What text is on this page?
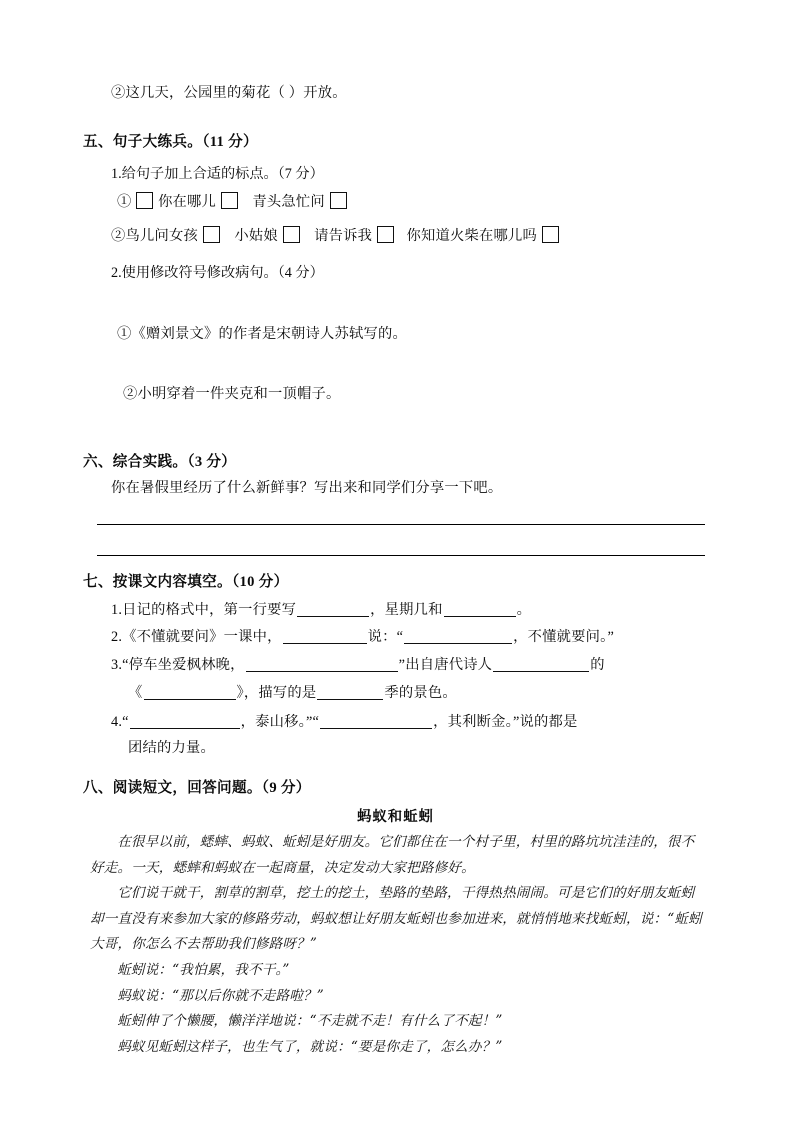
②这几天，公园里的菊花（ ）开放。
五、句子大练兵。（11 分）
1.给句子加上合适的标点。（7 分）
① 你在哪儿	青头急忙问
②鸟儿问女孩	小姑娘	请告诉我 你知道火柴在哪儿吗
2.使用修改符号修改病句。（4 分）
①《赠刘景文》的作者是宋朝诗人苏轼写的。
②小明穿着一件夹克和一顶帽子。
六、综合实践。（3 分）
你在暑假里经历了什么新鲜事？写出来和同学们分享一下吧。
七、按课文内容填空。（10 分）
1.日记的格式中，第一行要写	，星期几和	。
2.《不懂就要问》一课中，	说：“	，不懂就要问。”
3.“停车坐爱枫林晚，	”出自唐代诗人	的
《	》，描写的是	季的景色。
4.“	，泰山移。”“	，其利断金。”说的都是
团结的力量。
八、阅读短文，回答问题。（9 分）
蚂蚁和蚯蚓

在很早以前，蟋蟀、蚂蚁、蚯蚓是好朋友。它们都住在一个村子里，村里的路坑坑洼洼的，很不好走。一天，蟋蟀和蚂蚁在一起商量，决定发动大家把路修好。

它们说干就干，割草的割草，挖土的挖土，垫路的垫路，干得热热闹闹。可是它们的好朋友蚯蚓却一直没有来参加大家的修路劳动，蚂蚁想让好朋友蚯蚓也参加进来，就悄悄地来找蚯蚓，说：“蚯蚓大哥，你怎么不去帮助我们修路呀？”

蚯蚓说：“我怕累，我不干。”

蚂蚁说：“那以后你就不走路啦？”

蚯蚓伸了个懒腰，懒洋洋地说：“不走就不走！有什么了不起！”

蚂蚁见蚯蚓这样子，也生气了，就说：“要是你走了，怎么办？”
